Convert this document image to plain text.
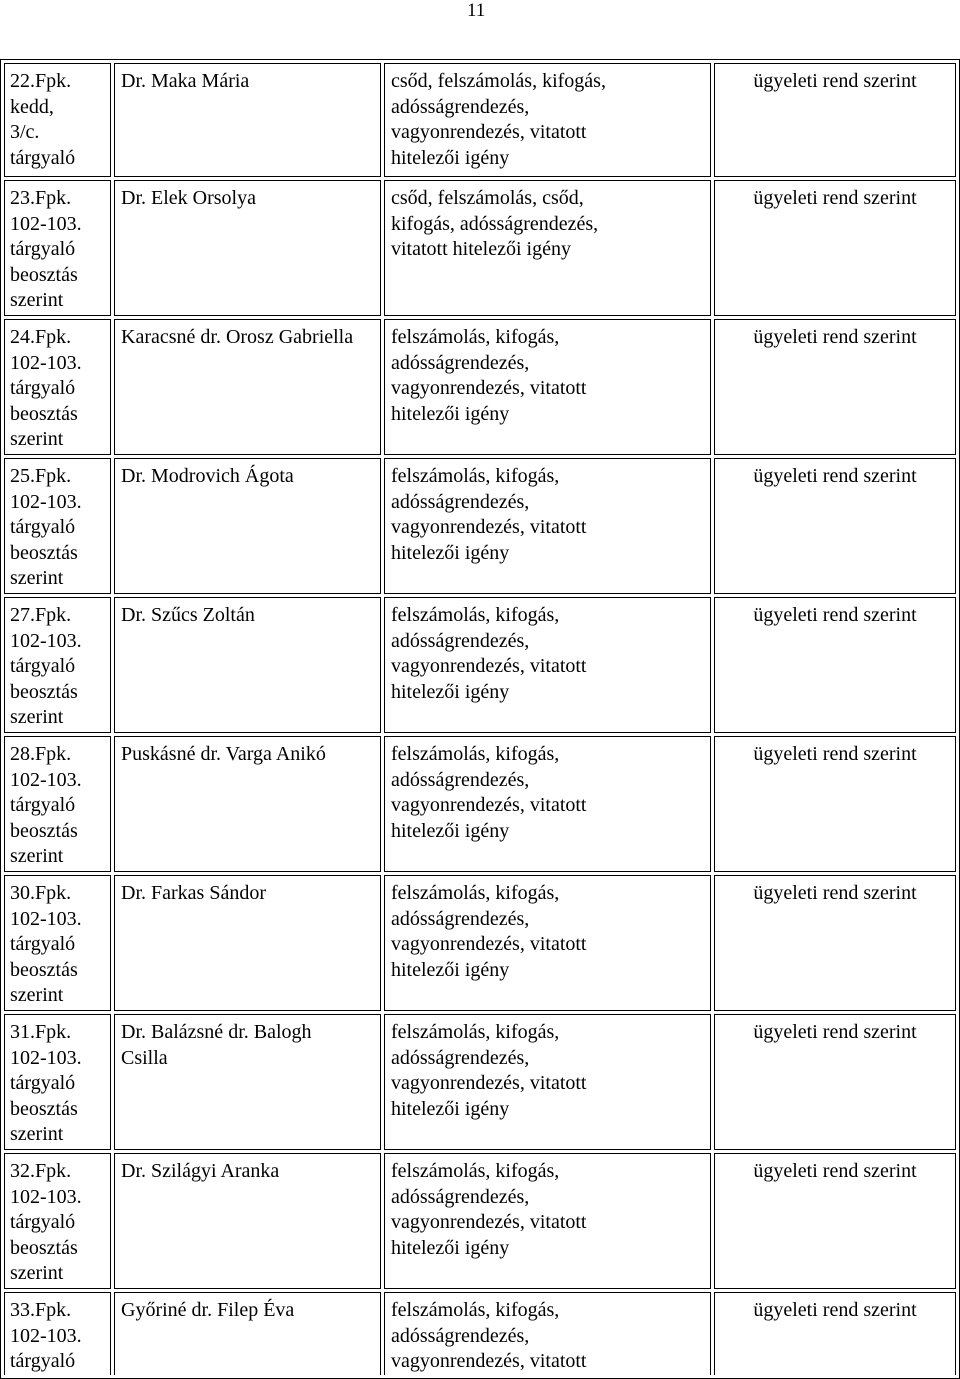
11
22.Fpk.
kedd,
3/c.
tárgyaló	Dr. Maka Mária	csőd, felszámolás, kifogás,
adósságrendezés,
vagyonrendezés, vitatott
hitelezői igény	ügyeleti rend szerint

23.Fpk.
102-103.
tárgyaló
beosztás
szerint	Dr. Elek Orsolya	csőd, felszámolás, csőd,
kifogás, adósságrendezés,
vitatott hitelezői igény	ügyeleti rend szerint

24.Fpk.
102-103.
tárgyaló
beosztás
szerint	Karacsné dr. Orosz Gabriella	felszámolás, kifogás,
adósságrendezés,
vagyonrendezés, vitatott
hitelezői igény	ügyeleti rend szerint

25.Fpk.
102-103.
tárgyaló
beosztás
szerint	Dr. Modrovich Ágota	felszámolás, kifogás,
adósságrendezés,
vagyonrendezés, vitatott
hitelezői igény	ügyeleti rend szerint

27.Fpk.
102-103.
tárgyaló
beosztás
szerint	Dr. Szűcs Zoltán	felszámolás, kifogás,
adósságrendezés,
vagyonrendezés, vitatott
hitelezői igény	ügyeleti rend szerint

28.Fpk.
102-103.
tárgyaló
beosztás
szerint	Puskásné dr. Varga Anikó	felszámolás, kifogás,
adósságrendezés,
vagyonrendezés, vitatott
hitelezői igény	ügyeleti rend szerint

30.Fpk.
102-103.
tárgyaló
beosztás
szerint	Dr. Farkas Sándor	felszámolás, kifogás,
adósságrendezés,
vagyonrendezés, vitatott
hitelezői igény	ügyeleti rend szerint

31.Fpk.
102-103.
tárgyaló
beosztás
szerint	Dr. Balázsné dr. Balogh
Csilla	felszámolás, kifogás,
adósságrendezés,
vagyonrendezés, vitatott
hitelezői igény	ügyeleti rend szerint

32.Fpk.
102-103.
tárgyaló
beosztás
szerint	Dr. Szilágyi Aranka	felszámolás, kifogás,
adósságrendezés,
vagyonrendezés, vitatott
hitelezői igény	ügyeleti rend szerint

33.Fpk.
102-103.
tárgyaló	Győriné dr. Filep Éva	felszámolás, kifogás,
adósságrendezés,
vagyonrendezés, vitatott	ügyeleti rend szerint
